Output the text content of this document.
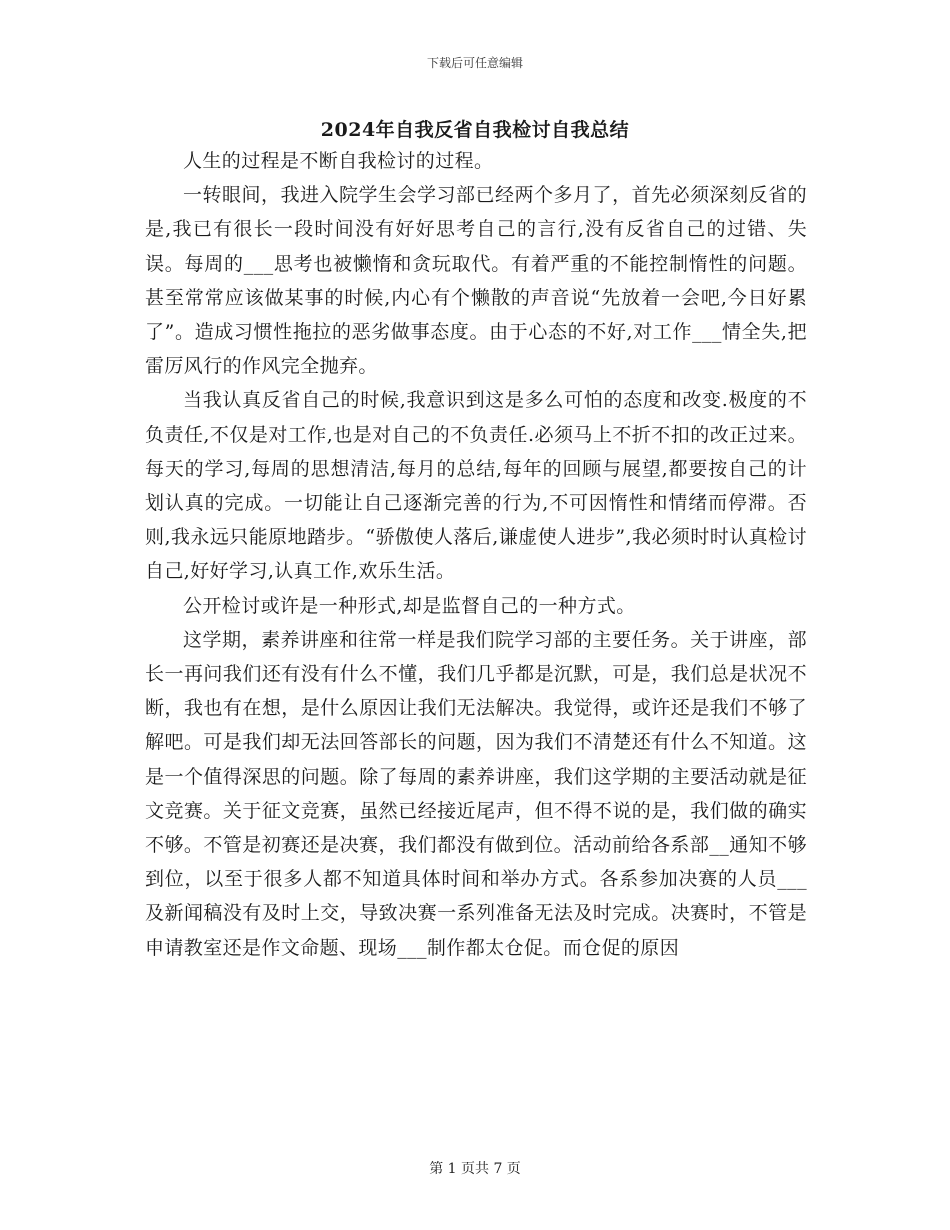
下载后可任意编辑
2024年自我反省自我检讨自我总结

人生的过程是不断自我检讨的过程。

一转眼间，我进入院学生会学习部已经两个多月了，首先必须深刻反省的是,我已有很长一段时间没有好好思考自己的言行,没有反省自己的过错、失误。每周的___思考也被懒惰和贪玩取代。有着严重的不能控制惰性的问题。甚至常常应该做某事的时候,内心有个懒散的声音说“先放着一会吧,今日好累了”。造成习惯性拖拉的恶劣做事态度。由于心态的不好,对工作___情全失,把雷厉风行的作风完全抛弃。

当我认真反省自己的时候,我意识到这是多么可怕的态度和改变.极度的不负责任,不仅是对工作,也是对自己的不负责任.必须马上不折不扣的改正过来。每天的学习,每周的思想清洁,每月的总结,每年的回顾与展望,都要按自己的计划认真的完成。一切能让自己逐渐完善的行为,不可因惰性和情绪而停滞。否则,我永远只能原地踏步。“骄傲使人落后,谦虚使人进步”,我必须时时认真检讨自己,好好学习,认真工作,欢乐生活。

公开检讨或许是一种形式,却是监督自己的一种方式。

这学期，素养讲座和往常一样是我们院学习部的主要任务。关于讲座，部长一再问我们还有没有什么不懂，我们几乎都是沉默，可是，我们总是状况不断，我也有在想，是什么原因让我们无法解决。我觉得，或许还是我们不够了解吧。可是我们却无法回答部长的问题，因为我们不清楚还有什么不知道。这是一个值得深思的问题。除了每周的素养讲座，我们这学期的主要活动就是征文竞赛。关于征文竞赛，虽然已经接近尾声，但不得不说的是，我们做的确实不够。不管是初赛还是决赛，我们都没有做到位。活动前给各系部__通知不够到位，以至于很多人都不知道具体时间和举办方式。各系参加决赛的人员___及新闻稿没有及时上交，导致决赛一系列准备无法及时完成。决赛时，不管是申请教室还是作文命题、现场___制作都太仓促。而仓促的原因

第 1 页共 7 页
